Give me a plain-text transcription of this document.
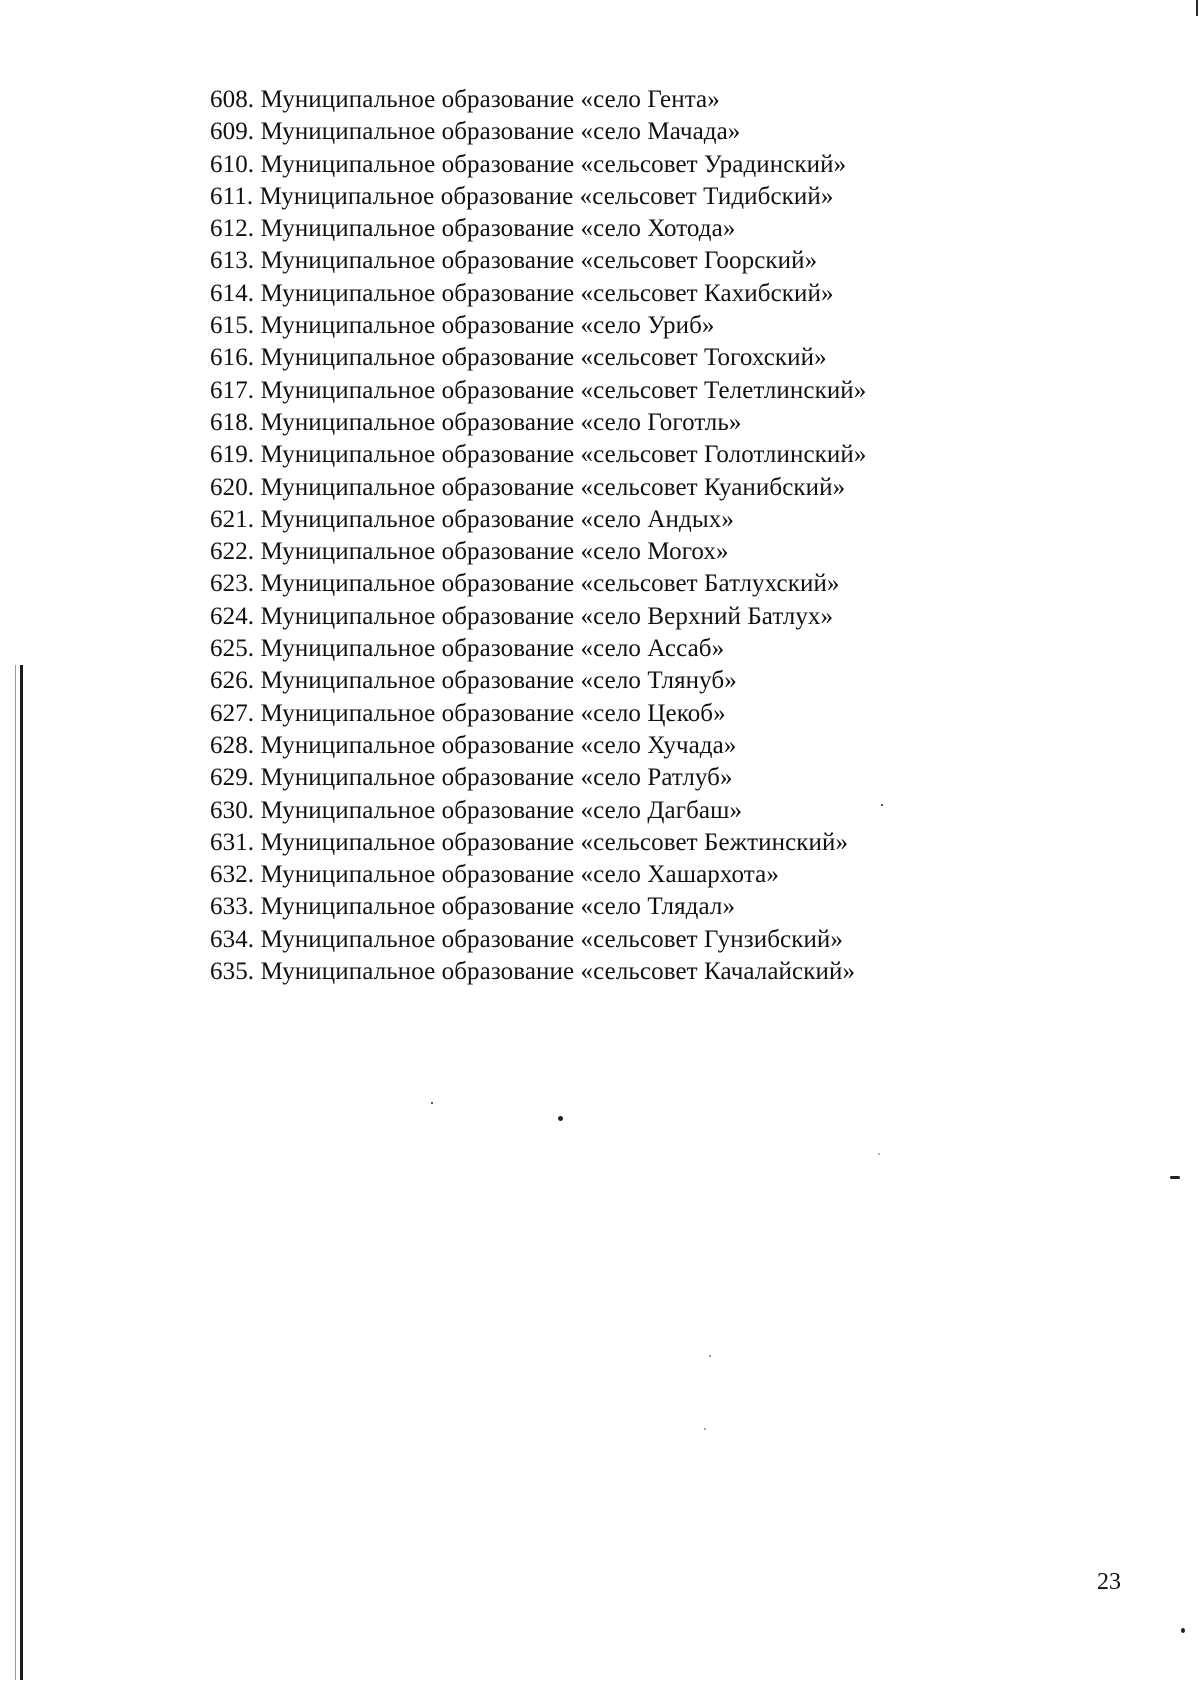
608. Муниципальное образование «село Гента»
609. Муниципальное образование «село Мачада»
610. Муниципальное образование «сельсовет Урадинский»
611. Муниципальное образование «сельсовет Тидибский»
612. Муниципальное образование «село Хотода»
613. Муниципальное образование «сельсовет Гоорский»
614. Муниципальное образование «сельсовет Кахибский»
615. Муниципальное образование «село Уриб»
616. Муниципальное образование «сельсовет Тогохский»
617. Муниципальное образование «сельсовет Телетлинский»
618. Муниципальное образование «село Гоготль»
619. Муниципальное образование «сельсовет Голотлинский»
620. Муниципальное образование «сельсовет Куанибский»
621. Муниципальное образование «село Андых»
622. Муниципальное образование «село Могох»
623. Муниципальное образование «сельсовет Батлухский»
624. Муниципальное образование «село Верхний Батлух»
625. Муниципальное образование «село Ассаб»
626. Муниципальное образование «село Тлянуб»
627. Муниципальное образование «село Цекоб»
628. Муниципальное образование «село Хучада»
629. Муниципальное образование «село Ратлуб»
630. Муниципальное образование «село Дагбаш»
631. Муниципальное образование «сельсовет Бежтинский»
632. Муниципальное образование «село Хашархота»
633. Муниципальное образование «село Тлядал»
634. Муниципальное образование «сельсовет Гунзибский»
635. Муниципальное образование «сельсовет Качалайский»
23
